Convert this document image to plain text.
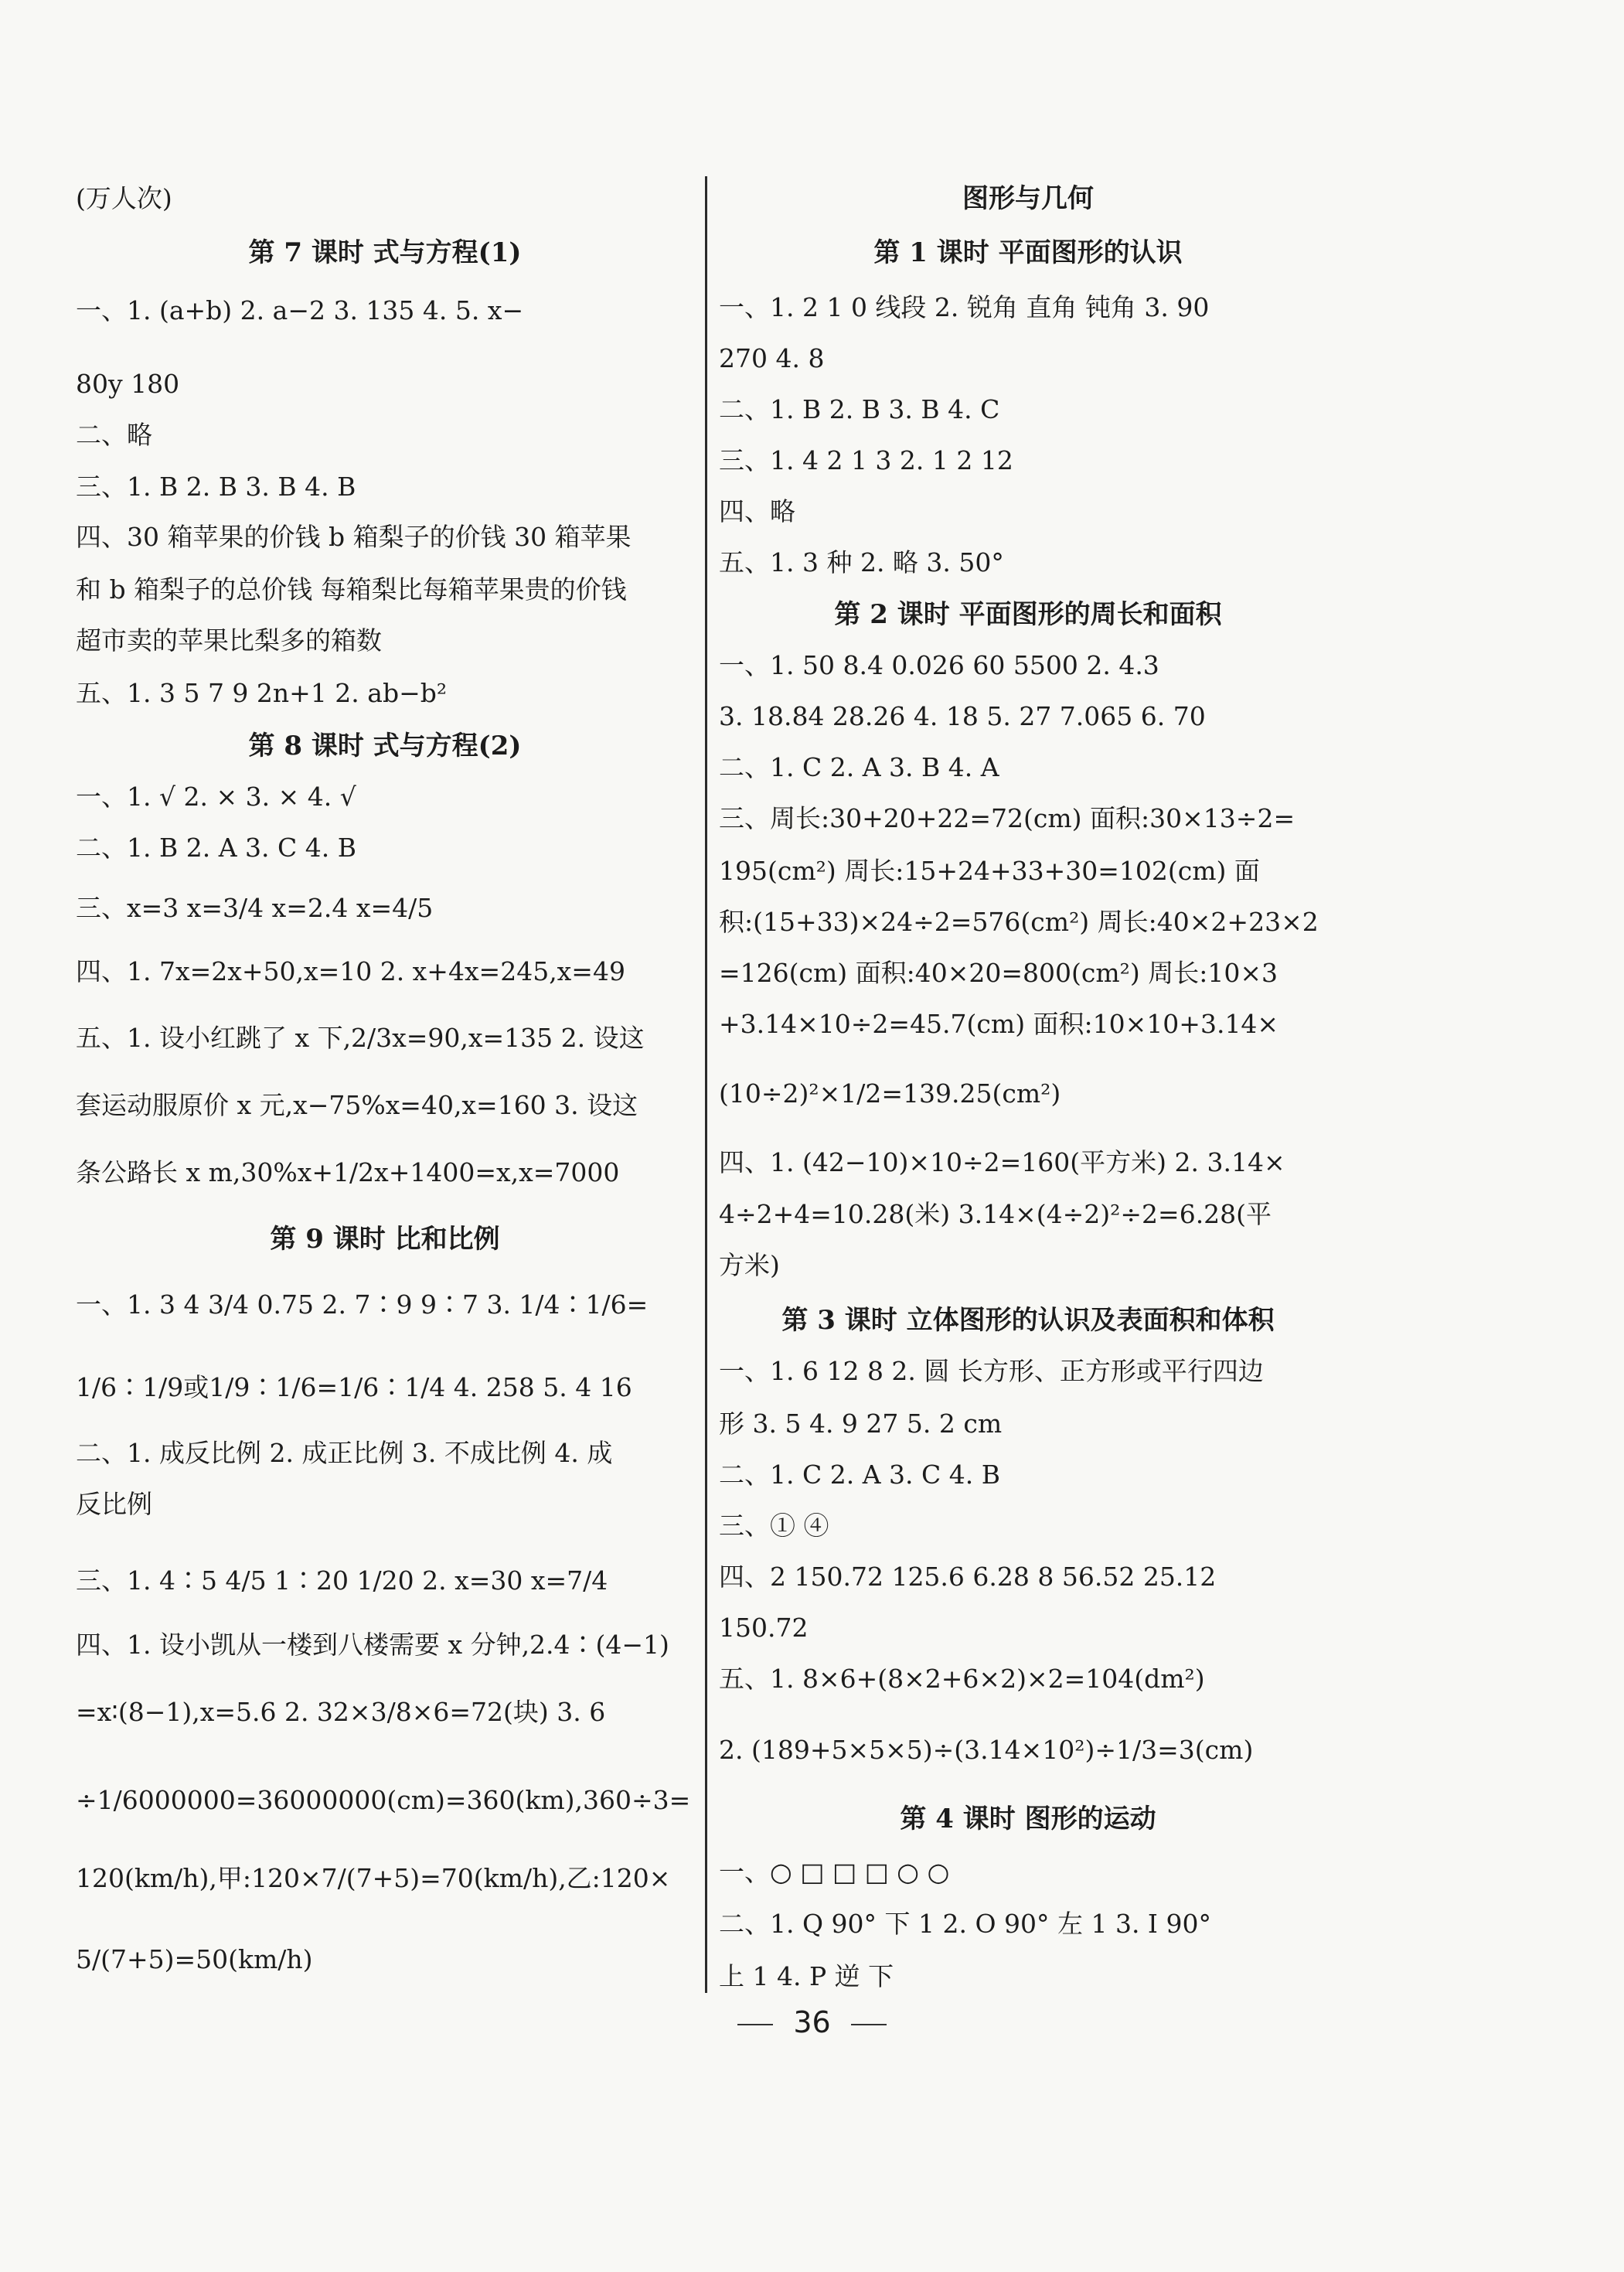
(万人次)
第 7 课时 式与方程(1)
一、1. (a+b) 2. a−2 3. 135 4. 5. x−
80y 180
二、略
三、1. B 2. B 3. B 4. B
四、30 箱苹果的价钱 b 箱梨子的价钱 30 箱苹果
和 b 箱梨子的总价钱 每箱梨比每箱苹果贵的价钱
超市卖的苹果比梨多的箱数
五、1. 3 5 7 9 2n+1 2. ab−b²
第 8 课时 式与方程(2)
一、1. √ 2. × 3. × 4. √
二、1. B 2. A 3. C 4. B
三、x=3 x=3/4 x=2.4 x=4/5
四、1. 7x=2x+50,x=10 2. x+4x=245,x=49
五、1. 设小红跳了 x 下,2/3x=90,x=135 2. 设这
套运动服原价 x 元,x−75%x=40,x=160 3. 设这
条公路长 x m,30%x+1/2x+1400=x,x=7000
第 9 课时 比和比例
一、1. 3 4 3/4 0.75 2. 7∶9 9∶7 3. 1/4∶1/6=
1/6∶1/9或1/9∶1/6=1/6∶1/4 4. 258 5. 4 16
二、1. 成反比例 2. 成正比例 3. 不成比例 4. 成
反比例
三、1. 4∶5 4/5 1∶20 1/20 2. x=30 x=7/4
四、1. 设小凯从一楼到八楼需要 x 分钟,2.4∶(4−1)
=x∶(8−1),x=5.6 2. 32×3/8×6=72(块) 3. 6
÷1/6000000=36000000(cm)=360(km),360÷3=
120(km/h),甲:120×7/(7+5)=70(km/h),乙:120×
5/(7+5)=50(km/h)
图形与几何
第 1 课时 平面图形的认识
一、1. 2 1 0 线段 2. 锐角 直角 钝角 3. 90
270 4. 8
二、1. B 2. B 3. B 4. C
三、1. 4 2 1 3 2. 1 2 12
四、略
五、1. 3 种 2. 略 3. 50°
第 2 课时 平面图形的周长和面积
一、1. 50 8.4 0.026 60 5500 2. 4.3
3. 18.84 28.26 4. 18 5. 27 7.065 6. 70
二、1. C 2. A 3. B 4. A
三、周长:30+20+22=72(cm) 面积:30×13÷2=
195(cm²) 周长:15+24+33+30=102(cm) 面
积:(15+33)×24÷2=576(cm²) 周长:40×2+23×2
=126(cm) 面积:40×20=800(cm²) 周长:10×3
+3.14×10÷2=45.7(cm) 面积:10×10+3.14×
(10÷2)²×1/2=139.25(cm²)
四、1. (42−10)×10÷2=160(平方米) 2. 3.14×
4÷2+4=10.28(米) 3.14×(4÷2)²÷2=6.28(平
方米)
第 3 课时 立体图形的认识及表面积和体积
一、1. 6 12 8 2. 圆 长方形、正方形或平行四边
形 3. 5 4. 9 27 5. 2 cm
二、1. C 2. A 3. C 4. B
三、① ④
四、2 150.72 125.6 6.28 8 56.52 25.12
150.72
五、1. 8×6+(8×2+6×2)×2=104(dm²)
2. (189+5×5×5)÷(3.14×10²)÷1/3=3(cm)
第 4 课时 图形的运动
一、○ □ □ □ ○ ○
二、1. Q 90° 下 1 2. O 90° 左 1 3. I 90°
上 1 4. P 逆 下
36
